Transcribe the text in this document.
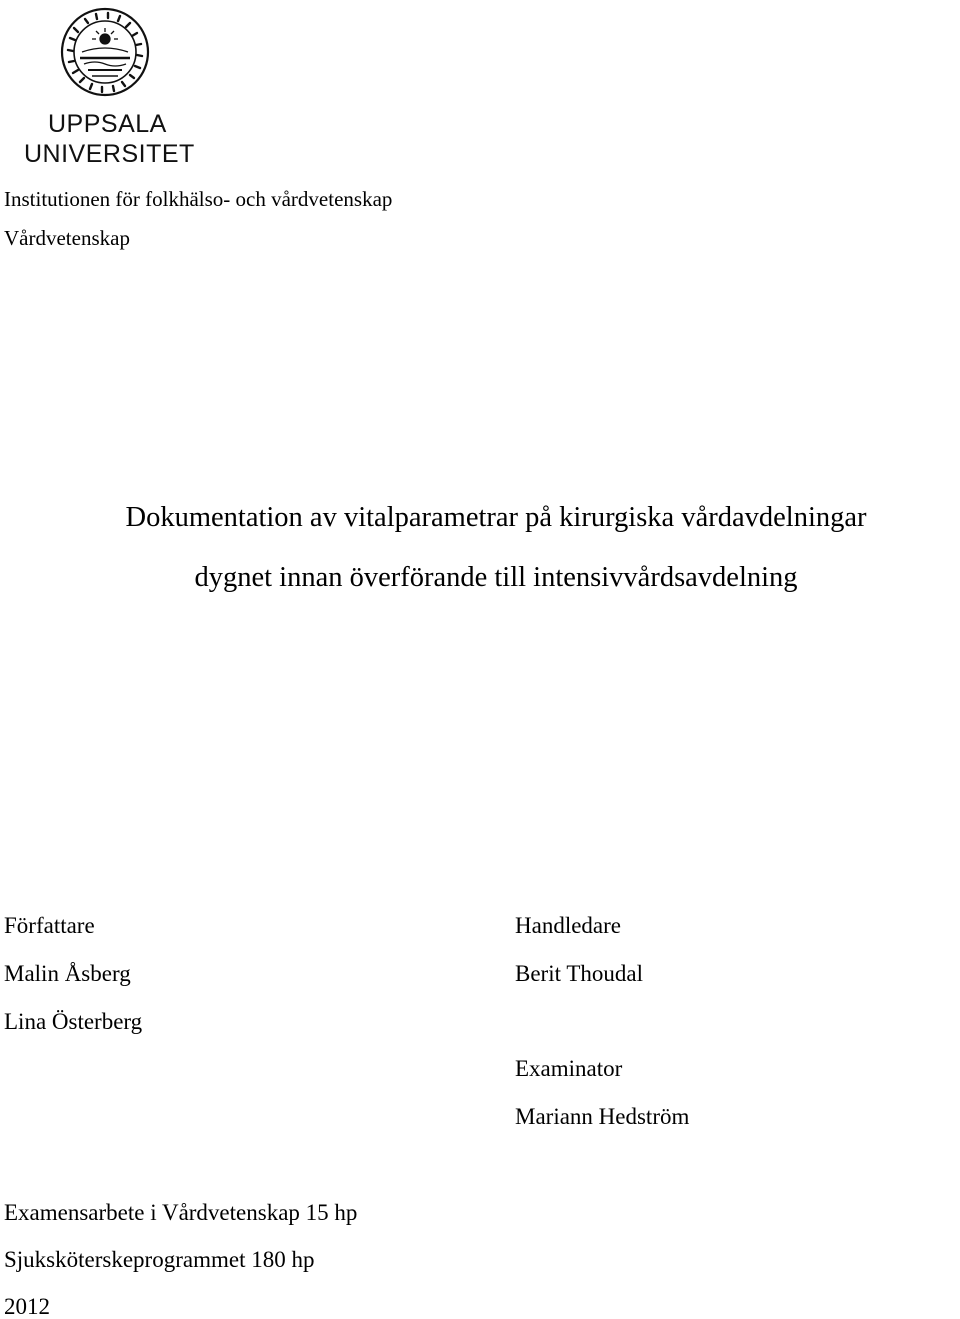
UPPSALA
UNIVERSITET
Institutionen för folkhälso- och vårdvetenskap
Vårdvetenskap
Dokumentation av vitalparametrar på kirurgiska vårdavdelningar
dygnet innan överförande till intensivvårdsavdelning
Författare
Malin Åsberg
Lina Österberg
Handledare
Berit Thoudal
Examinator
Mariann Hedström
Examensarbete i Vårdvetenskap 15 hp
Sjuksköterskeprogrammet 180 hp
2012
